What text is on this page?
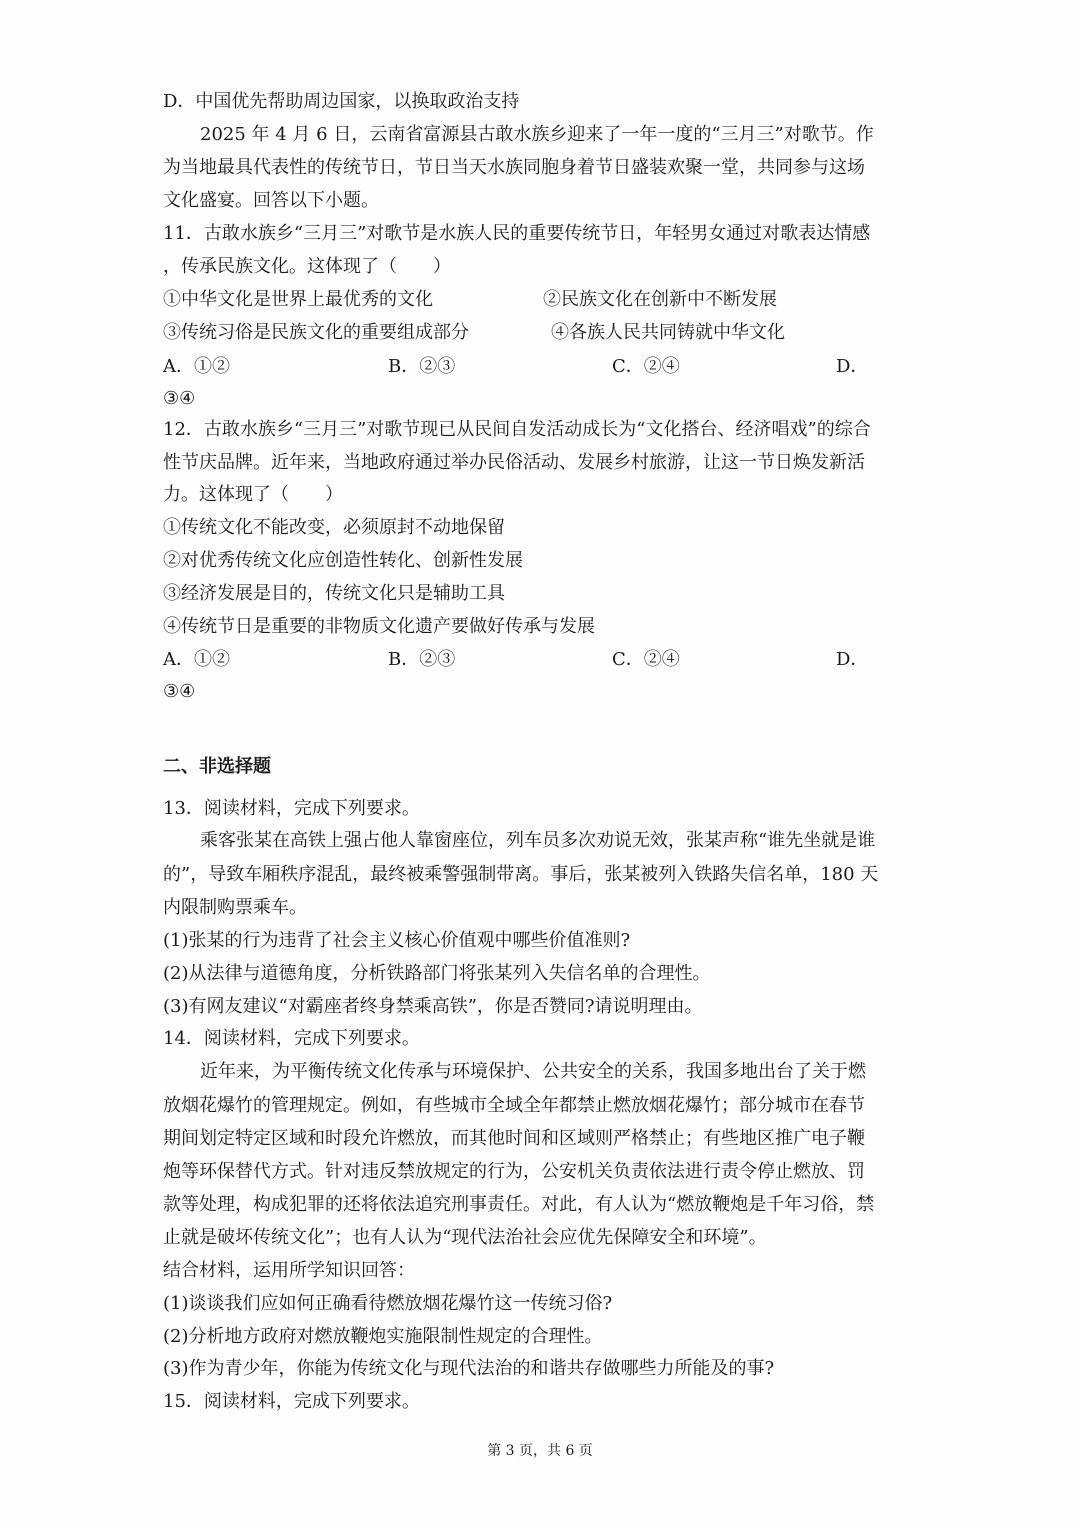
D．中国优先帮助周边国家，以换取政治支持
2025 年 4 月 6 日，云南省富源县古敢水族乡迎来了一年一度的“三月三”对歌节。作
为当地最具代表性的传统节日，节日当天水族同胞身着节日盛装欢聚一堂，共同参与这场
文化盛宴。回答以下小题。
11．古敢水族乡“三月三”对歌节是水族人民的重要传统节日，年轻男女通过对歌表达情感
，传承民族文化。这体现了（　　）
①中华文化是世界上最优秀的文化	②民族文化在创新中不断发展
③传统习俗是民族文化的重要组成部分	④各族人民共同铸就中华文化
A．①②	B．②③	C．②④	D．
③④
12．古敢水族乡“三月三”对歌节现已从民间自发活动成长为“文化搭台、经济唱戏”的综合
性节庆品牌。近年来，当地政府通过举办民俗活动、发展乡村旅游，让这一节日焕发新活
力。这体现了（　　）
①传统文化不能改变，必须原封不动地保留
②对优秀传统文化应创造性转化、创新性发展
③经济发展是目的，传统文化只是辅助工具
④传统节日是重要的非物质文化遗产要做好传承与发展
A．①②	B．②③	C．②④	D．
③④
二、非选择题
13．阅读材料，完成下列要求。
乘客张某在高铁上强占他人靠窗座位，列车员多次劝说无效，张某声称“谁先坐就是谁
的”，导致车厢秩序混乱，最终被乘警强制带离。事后，张某被列入铁路失信名单，180 天
内限制购票乘车。
(1)张某的行为违背了社会主义核心价值观中哪些价值准则?
(2)从法律与道德角度，分析铁路部门将张某列入失信名单的合理性。
(3)有网友建议“对霸座者终身禁乘高铁”，你是否赞同?请说明理由。
14．阅读材料，完成下列要求。
近年来，为平衡传统文化传承与环境保护、公共安全的关系，我国多地出台了关于燃
放烟花爆竹的管理规定。例如，有些城市全域全年都禁止燃放烟花爆竹；部分城市在春节
期间划定特定区域和时段允许燃放，而其他时间和区域则严格禁止；有些地区推广电子鞭
炮等环保替代方式。针对违反禁放规定的行为，公安机关负责依法进行责令停止燃放、罚
款等处理，构成犯罪的还将依法追究刑事责任。对此，有人认为“燃放鞭炮是千年习俗，禁
止就是破坏传统文化”；也有人认为“现代法治社会应优先保障安全和环境”。
结合材料，运用所学知识回答：
(1)谈谈我们应如何正确看待燃放烟花爆竹这一传统习俗?
(2)分析地方政府对燃放鞭炮实施限制性规定的合理性。
(3)作为青少年，你能为传统文化与现代法治的和谐共存做哪些力所能及的事?
15．阅读材料，完成下列要求。
第 3 页，共 6 页
